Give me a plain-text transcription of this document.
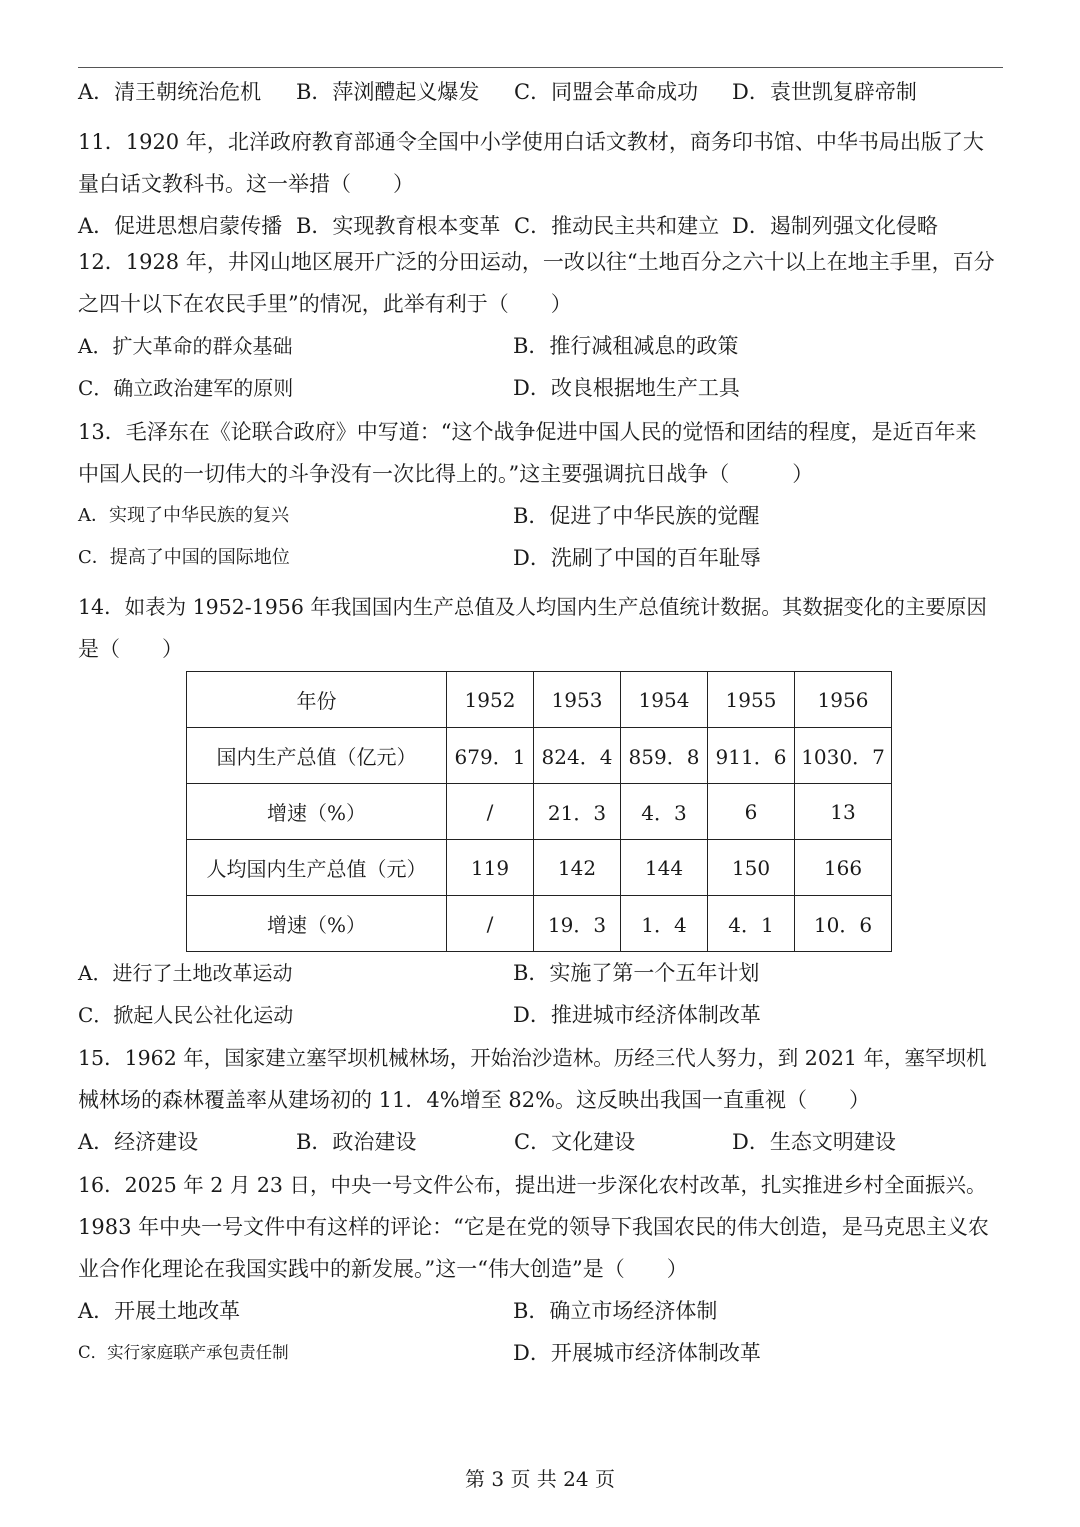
A．清王朝统治危机 B．萍浏醴起义爆发 C．同盟会革命成功 D．袁世凯复辟帝制
11．1920 年，北洋政府教育部通令全国中小学使用白话文教材，商务印书馆、中华书局出版了大
量白话文教科书。这一举措（　　）
A．促进思想启蒙传播 B．实现教育根本变革 C．推动民主共和建立 D．遏制列强文化侵略
12．1928 年，井冈山地区展开广泛的分田运动，一改以往“土地百分之六十以上在地主手里，百分
之四十以下在农民手里”的情况，此举有利于（　　）
A．扩大革命的群众基础	B．推行减租减息的政策
C．确立政治建军的原则	D．改良根据地生产工具
13．毛泽东在《论联合政府》中写道：“这个战争促进中国人民的觉悟和团结的程度，是近百年来
中国人民的一切伟大的斗争没有一次比得上的。”这主要强调抗日战争（　　　）
A．实现了中华民族的复兴	B．促进了中华民族的觉醒
C．提高了中国的国际地位	D．洗刷了中国的百年耻辱
14．如表为 1952-1956 年我国国内生产总值及人均国内生产总值统计数据。其数据变化的主要原因
是（　　）
年份	1952	1953	1954	1955	1956
国内生产总值（亿元）	679．1	824．4	859．8	911．6	1030．7
增速（%）	/	21．3	4．3	6	13
人均国内生产总值（元）	119	142	144	150	166
增速（%）	/	19．3	1．4	4．1	10．6
A．进行了土地改革运动	B．实施了第一个五年计划
C．掀起人民公社化运动	D．推进城市经济体制改革
15．1962 年，国家建立塞罕坝机械林场，开始治沙造林。历经三代人努力，到 2021 年，塞罕坝机
械林场的森林覆盖率从建场初的 11．4%增至 82%。这反映出我国一直重视（　　）
A．经济建设	B．政治建设	C．文化建设	D．生态文明建设
16．2025 年 2 月 23 日，中央一号文件公布，提出进一步深化农村改革，扎实推进乡村全面振兴。
1983 年中央一号文件中有这样的评论：“它是在党的领导下我国农民的伟大创造，是马克思主义农
业合作化理论在我国实践中的新发展。”这一“伟大创造”是（　　）
A．开展土地改革	B．确立市场经济体制
C．实行家庭联产承包责任制	D．开展城市经济体制改革
第 3 页 共 24 页
